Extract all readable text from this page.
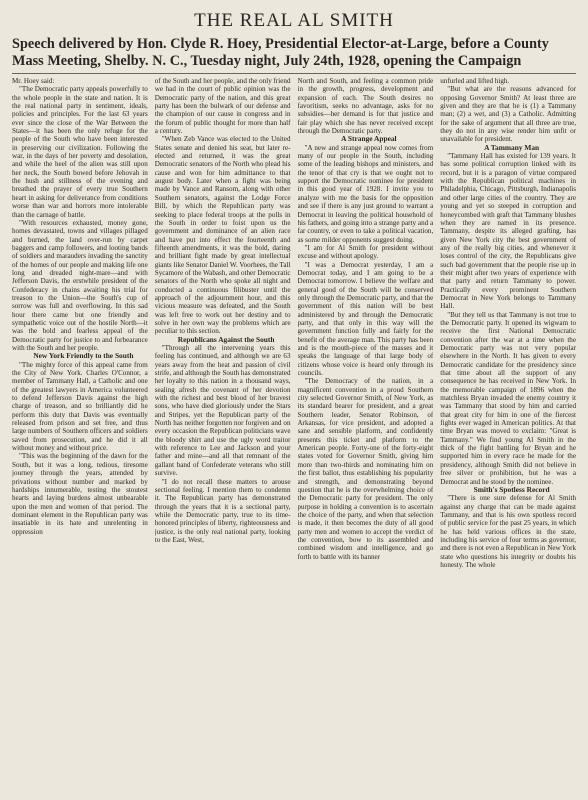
THE REAL AL SMITH
Speech delivered by Hon. Clyde R. Hoey, Presidential Elector-at-Large, before a County Mass Meeting, Shelby. N. C., Tuesday night, July 24th, 1928, opening the Campaign

Mr. Hoey said:

"The Democratic party appeals powerfully to the whole people in the state and nation. It is the real national party in sentiment, ideals, policies and principles. For the last 63 years ever since the close of the War Between the States—it has been the only refuge for the people of the South who have been interested in preserving our civilization. Following the war, in the days of her poverty and desolation, and while the heel of the alien was still upon her neck, the South bowed before Jehovah in the hush and stillness of the evening and breathed the prayer of every true Southern heart in asking for deliverance from conditions worse than war and horrors more intolerable than the carnage of battle.

"With resources exhausted, money gone, homes devastated, towns and villages pillaged and burned, the land over-run by carpet baggers and camp followers, and looting bands of soldiers and marauders invading the sanctity of the homes of our people and making life one long and dreaded night-mare—and with Jefferson Davis, the erstwhile president of the Confederacy in chains awaiting his trial for treason to the Union—the South's cup of sorrow was full and overflowing. In this sad hour there came but one friendly and sympathetic voice out of the hostile North—it was the bold and fearless appeal of the Democratic party for justice to and forbearance with the South and her people.

New York Friendly to the South

"The mighty force of this appeal came from the City of New York. Charles O'Connor, a member of Tammany Hall, a Catholic and one of the greatest lawyers in America volunteered to defend Jefferson Davis against the high charge of treason, and so brilliantly did he perform this duty that Davis was eventually released from prison and set free, and thus large numbers of Southern officers and soldiers saved from prosecution, and he did it all without money and without price.

"This was the beginning of the dawn for the South, but it was a long, tedious, tiresome journey through the years, attended by privations without number and marked by hardships innumerable, testing the stoutest hearts and laying burdens almost unbearable upon the men and women of that period. The dominant element in the Republican party was insatiable in its hate and unrelenting in oppression

of the South and her people, and the only friend we had in the court of public opinion was the Democratic party of the nation, and this great party has been the bulwark of our defense and the champion of our cause in congress and in the forum of public thought for more than half a century.

"When Zeb Vance was elected to the United States senate and denied his seat, but later re-elected and returned, it was the great Democratic senators of the North who plead his cause and won for him admittance to that august body. Later when a fight was being made by Vance and Ransom, along with other Southern senators, against the Lodge Force Bill, by which the Republican party was seeking to place federal troops at the polls in the South in order to foist upon us the government and dominance of an alien race and have put into effect the fourteenth and fifteenth amendments, it was the bold, daring and brilliant fight made by great intellectual giants like Senator Daniel W. Voorhees, the Tall Sycamore of the Wabash, and other Democratic senators of the North who spoke all night and conducted a continuous filibuster until the approach of the adjournment hour, and this vicious measure was defeated, and the South was left free to work out her destiny and to solve in her own way the problems which are peculiar to this section.

Republicans Against the South

"Through all the intervening years this feeling has continued, and although we are 63 years away from the heat and passion of civil strife, and although the South has demonstrated her loyalty to this nation in a thousand ways, sealing afresh the covenant of her devotion with the richest and best blood of her bravest sons, who have died gloriously under the Stars and Stripes, yet the Republican party of the North has neither forgotten nor forgiven and on every occasion the Republican politicians wave the bloody shirt and use the ugly word traitor with reference to Lee and Jackson and your father and mine—and all that remnant of the gallant band of Confederate veterans who still survive.

"I do not recall these matters to arouse sectional feeling. I mention them to condemn it. The Republican party has demonstrated through the years that it is a sectional party, while the Democratic party, true to its time-honored principles of liberty, righteousness and justice, is the only real national party, looking to the East, West,

North and South, and feeling a common pride in the growth, progress, development and expansion of each. The South desires no favoritism, seeks no advantage, asks for no subsidies—her demand is for that justice and fair play which she has never received except through the Democratic party.

A Strange Appeal

"A new and strange appeal now comes from many of our people in the South, including some of the leading bishops and ministers, and the tenor of that cry is that we ought not to support the Democratic nominee for president in this good year of 1928. I invite you to analyze with me the basis for the opposition and see if there is any just ground to warrant a Democrat in leaving the political household of his fathers, and going into a strange party and a far country, or even to take a political vacation, as some milder opponents suggest doing.

"I am for Al Smith for president without excuse and without apology.

"I was a Democrat yesterday, I am a Democrat today, and I am going to be a Democrat tomorrow. I believe the welfare and general good of the South will be conserved only through the Democratic party, and that the government of this nation will be best administered by and through the Democratic party, and that only in this way will the government function fully and fairly for the benefit of the average man. This party has been and is the mouth-piece of the masses and it speaks the language of that large body of citizens whose voice is heard only through its councils.

"The Democracy of the nation, in a magnificent convention in a proud Southern city selected Governor Smith, of New York, as its standard bearer for president, and a great Southern leader, Senator Robinson, of Arkansas, for vice president, and adopted a sane and sensible platform, and confidently presents this ticket and platform to the American people. Forty-one of the forty-eight states voted for Governor Smith, giving him more than two-thirds and nominating him on the first ballot, thus establishing his popularity and strength, and demonstrating beyond question that he is the overwhelming choice of the Democratic party for president. The only purpose in holding a convention is to ascertain the choice of the party, and when that selection is made, it then becomes the duty of all good party men and women to accept the verdict of the convention, bow to its assembled and combined wisdom and intelligence, and go forth to battle with its banner

unfurled and lifted high.

"But what are the reasons advanced for opposing Governor Smith? At least three are given and they are that he is (1) a Tammany man; (2) a wet, and (3) a Catholic. Admitting for the sake of argument that all three are true, they do not in any wise render him unfit or unavailable for president.

A Tammany Man

"Tammany Hall has existed for 139 years. It has some political corruption linked with its record, but it is a paragon of virtue compared with the Republican political machines in Philadelphia, Chicago, Pittsburgh, Indianapolis and other large cities of the country. They are young and yet so steeped in corruption and honeycombed with graft that Tammany blushes when they are named in its presence. Tammany, despite its alleged grafting, has given New York city the best government of any of the really big cities, and whenever it loses control of the city, the Republicans give such bad government that the people rise up in their might after two years of experience with that party and return Tammany to power. Practically every prominent Southern Democrat in New York belongs to Tammany Hall.

"But they tell us that Tammany is not true to the Democratic party. It opened its wigwam to receive the first National Democratic convention after the war at a time when the Democratic party was not very popular elsewhere in the North. It has given to every Democratic candidate for the presidency since that time about all the support of any consequence he has received in New York. In the memorable campaign of 1896 when the matchless Bryan invaded the enemy country it was Tammany that stood by him and carried that great city for him in one of the fiercest fights ever waged in American politics. At that time Bryan was moved to exclaim: "Great is Tammany." We find young Al Smith in the thick of the fight battling for Bryan and he supported him in every race he made for the presidency, although Smith did not believe in free silver or prohibition, but he was a Democrat and he stood by the nominee.

Smith's Spotless Record

"There is one sure defense for Al Smith against any charge that can be made against Tammany, and that is his own spotless record of public service for the past 25 years, in which he has held various offices in the state, including his service of four terms as governor, and there is not even a Republican in New York state who questions his integrity or doubts his honesty. The whole
